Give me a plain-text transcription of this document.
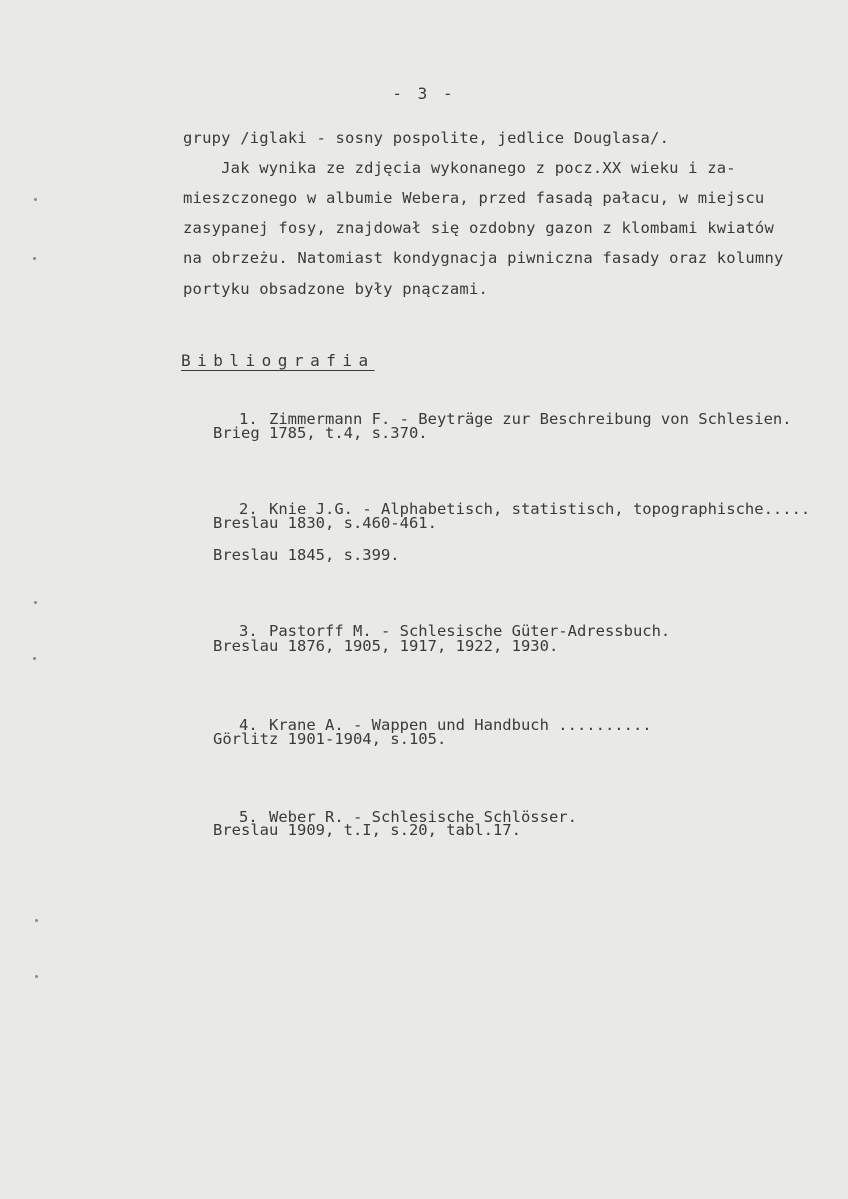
- 3 -
grupy /iglaki - sosny pospolite, jedlice Douglasa/.
Jak wynika ze zdjęcia wykonanego z pocz.XX wieku i za-
mieszczonego w albumie Webera, przed fasadą pałacu, w miejscu
zasypanej fosy, znajdował się ozdobny gazon z klombami kwiatów
na obrzeżu. Natomiast kondygnacja piwniczna fasady oraz kolumny
portyku obsadzone były pnączami.
Bibliografia

1. Zimmermann F. - Beyträge zur Beschreibung von Schlesien.

Brieg 1785, t.4, s.370.

2. Knie J.G. - Alphabetisch, statistisch, topographische.....

Breslau 1830, s.460-461.
Breslau 1845, s.399.

3. Pastorff M. - Schlesische Güter-Adressbuch.

Breslau 1876, 1905, 1917, 1922, 1930.

4. Krane A. - Wappen und Handbuch ..........

Görlitz 1901-1904, s.105.

5. Weber R. - Schlesische Schlösser.

Breslau 1909, t.I, s.20, tabl.17.
